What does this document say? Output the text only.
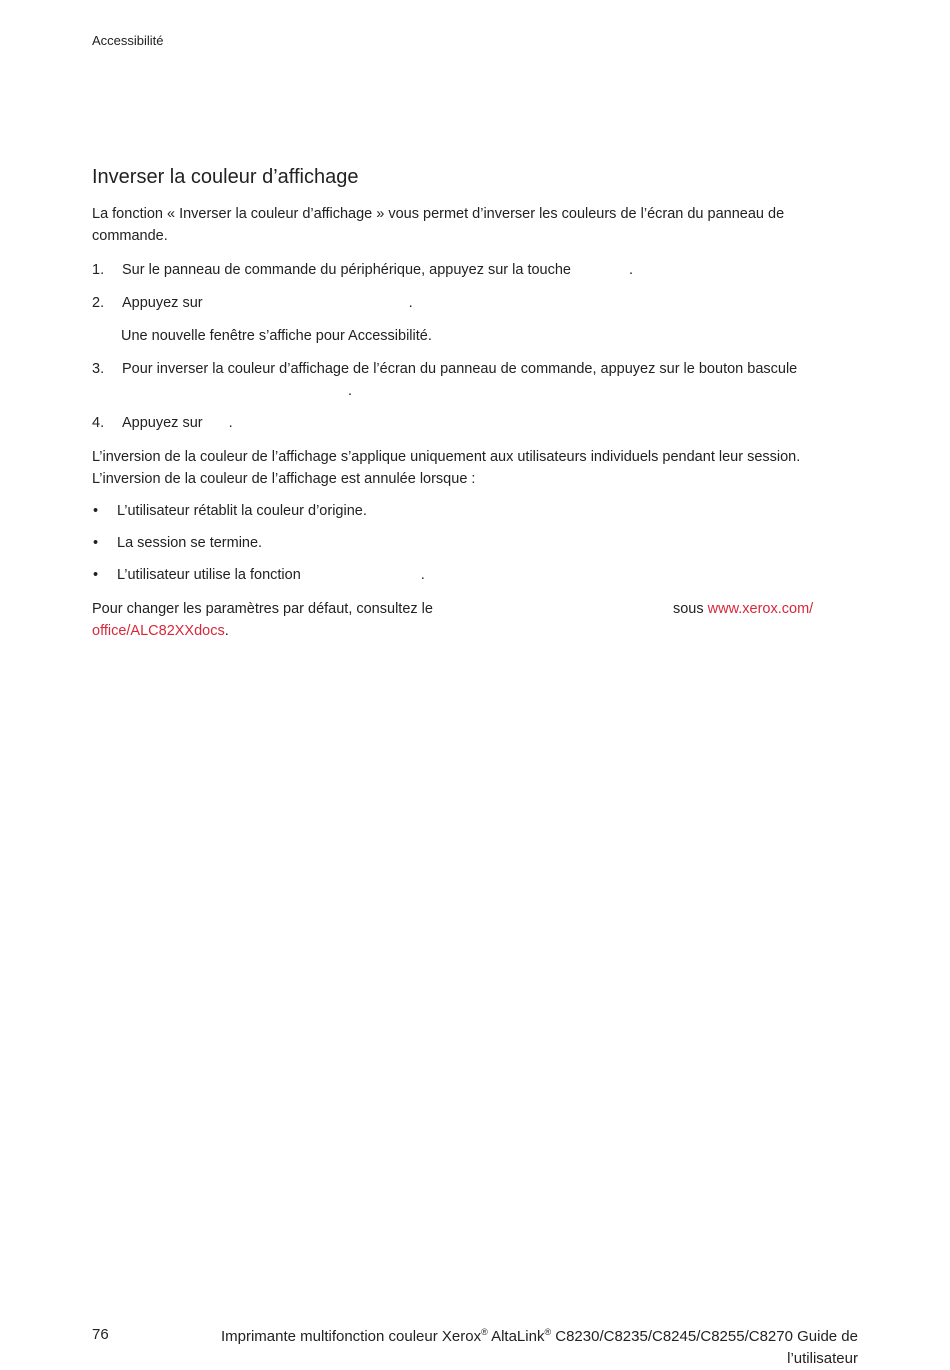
Accessibilité
Inverser la couleur d’affichage
La fonction « Inverser la couleur d’affichage » vous permet d’inverser les couleurs de l’écran du panneau de commande.
1. Sur le panneau de commande du périphérique, appuyez sur la touche	.
2. Appuyez sur	.
Une nouvelle fenêtre s’affiche pour Accessibilité.
3. Pour inverser la couleur d’affichage de l’écran du panneau de commande, appuyez sur le bouton bascule
.
4. Appuyez sur .
L’inversion de la couleur de l’affichage s’applique uniquement aux utilisateurs individuels pendant leur session. L’inversion de la couleur de l’affichage est annulée lorsque :
• L’utilisateur rétablit la couleur d’origine.
• La session se termine.
• L’utilisateur utilise la fonction	.
Pour changer les paramètres par défaut, consultez le	sous www.xerox.com/
office/ALC82XXdocs.
76	Imprimante multifonction couleur Xerox® AltaLink® C8230/C8235/C8245/C8255/C8270 Guide de
l’utilisateur
